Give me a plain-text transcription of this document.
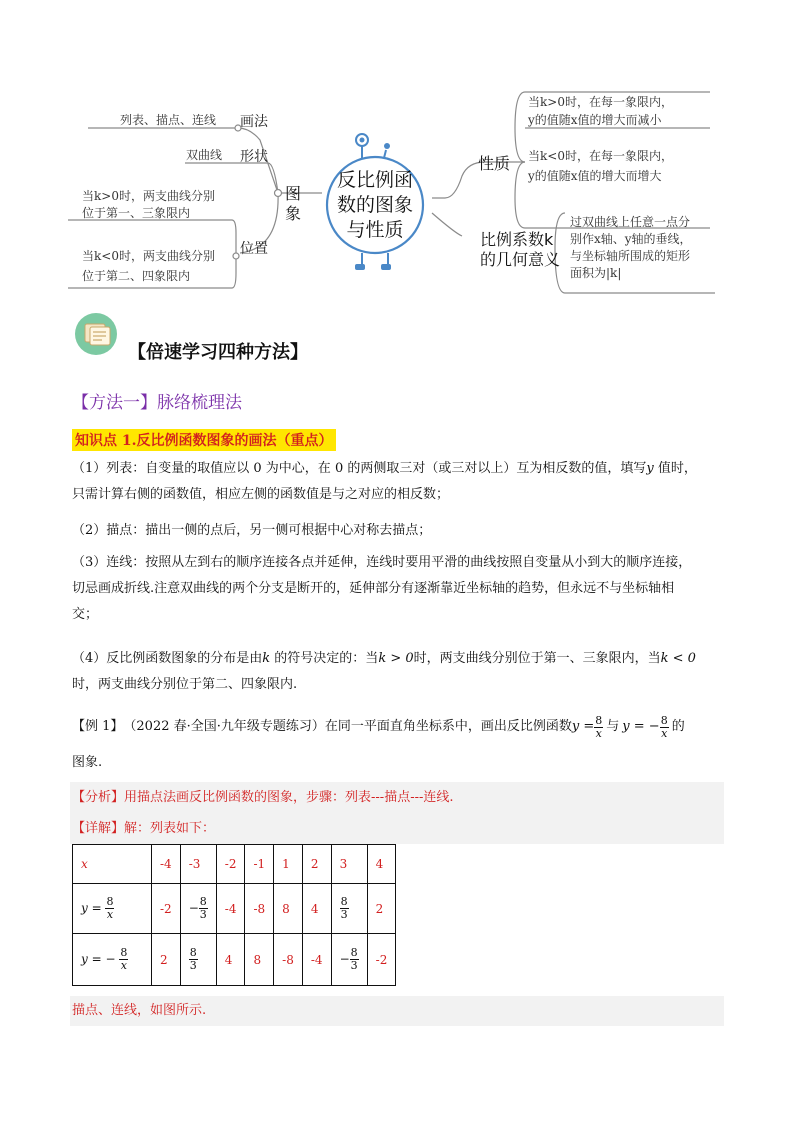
列表、描点、连线 画法
双曲线 形状
当k>0时，两支曲线分别
位于第一、三象限内
位置
当k<0时，两支曲线分别
位于第二、四象限内
图
象
反比例函
数的图象
与性质
性质
当k>0时，在每一象限内，
y的值随x值的增大而减小
当k<0时，在每一象限内，
y的值随x值的增大而增大
比例系数k
的几何意义
过双曲线上任意一点分
别作x轴、y轴的垂线，
与坐标轴所围成的矩形
面积为|k|
【倍速学习四种方法】
【方法一】脉络梳理法
知识点 1.反比例函数图象的画法（重点）
（1）列表：自变量的取值应以 0 为中心，在 0 的两侧取三对（或三对以上）互为相反数的值，填写y 值时，
只需计算右侧的函数值，相应左侧的函数值是与之对应的相反数；
（2）描点：描出一侧的点后，另一侧可根据中心对称去描点；
（3）连线：按照从左到右的顺序连接各点并延伸，连线时要用平滑的曲线按照自变量从小到大的顺序连接，
切忌画成折线.注意双曲线的两个分支是断开的，延伸部分有逐渐靠近坐标轴的趋势，但永远不与坐标轴相
交；
（4）反比例函数图象的分布是由k 的符号决定的：当k > 0时，两支曲线分别位于第一、三象限内，当k < 0
时，两支曲线分别位于第二、四象限内.
【例 1】 （2022 春·全国·九年级专题练习） 在同一平面直角坐标系中，画出反比例函数 $y = \frac{8}{x}$ 与 y = − $\frac{8}{x}$ 的
图象.
【分析】用描点法画反比例函数的图象，步骤：列表---描点---连线.
【详解】解：列表如下：
x	-4	-3	-2	-1	1	2	3	4
$y = \frac{8}{x}$	-2	− $\frac{8}{3}$	-4	-8	8	4	$\frac{8}{3}$	2
y = − $\frac{8}{x}$	2	$\frac{8}{3}$	4	8	-8	-4	− $\frac{8}{3}$	-2
描点、连线，如图所示.
